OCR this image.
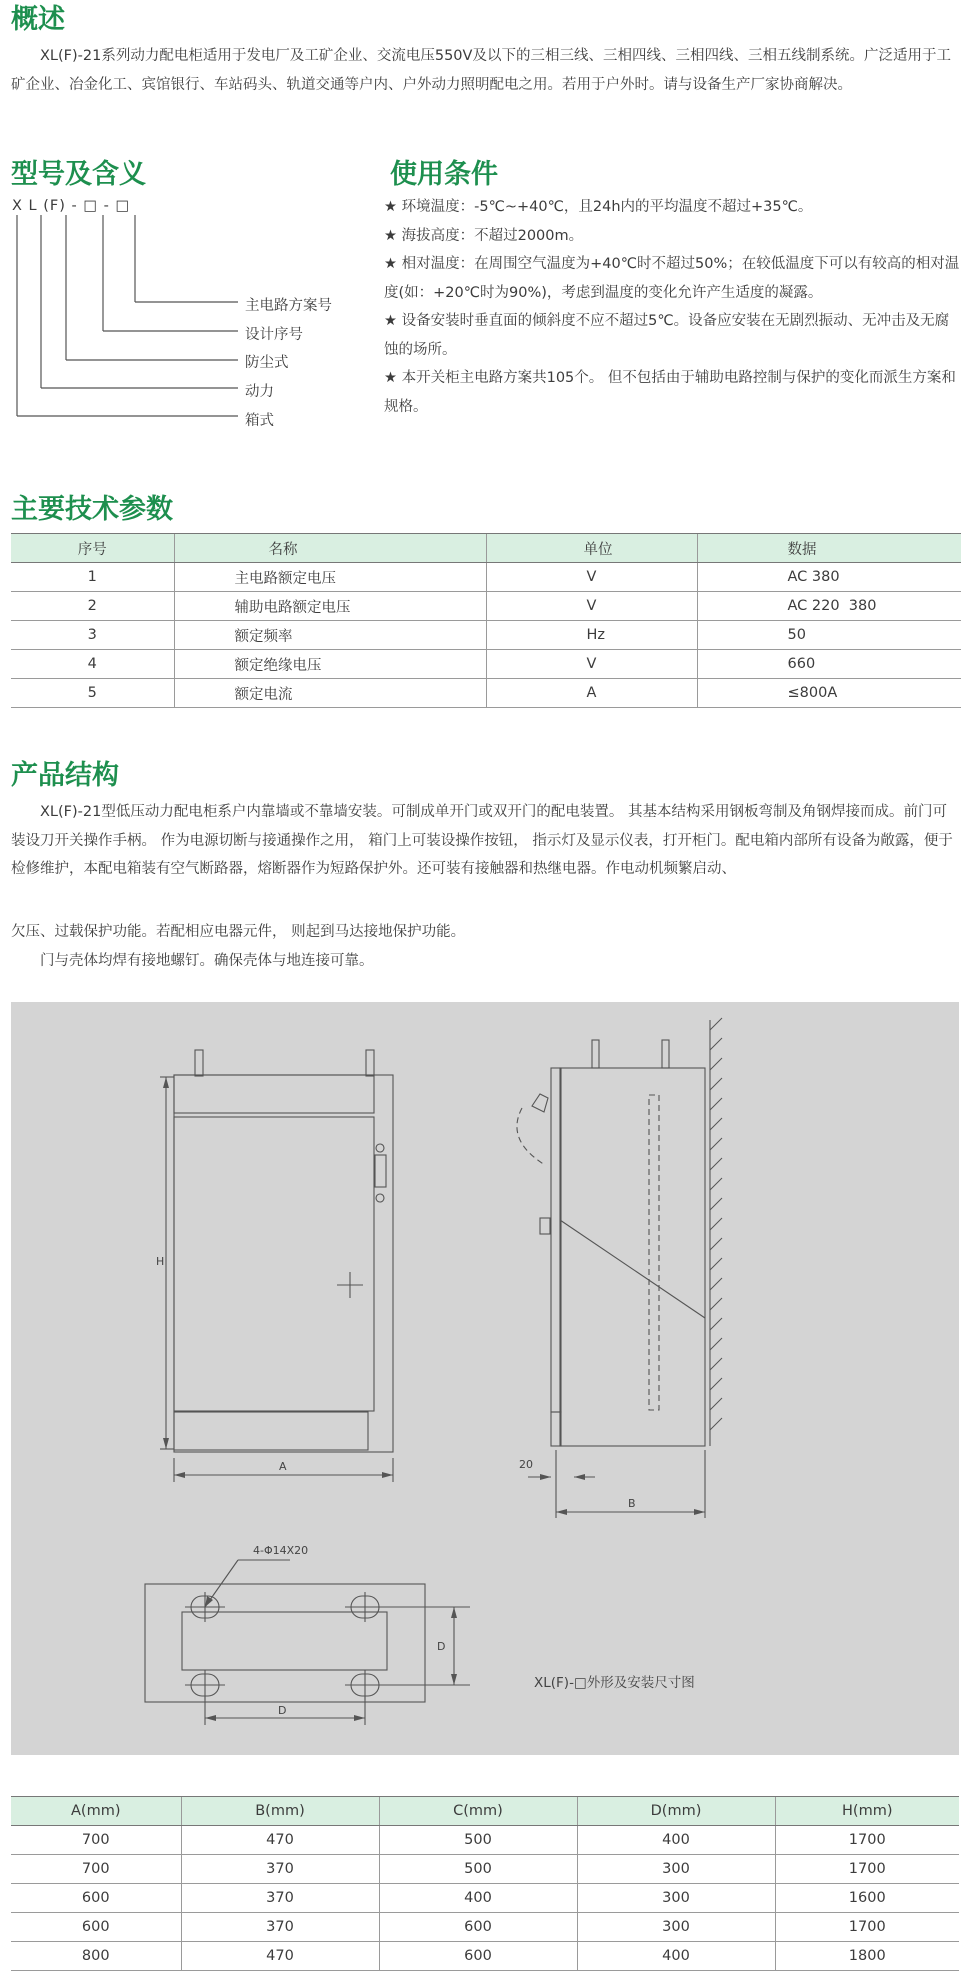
概述

XL(F)-21系列动力配电柜适用于发电厂及工矿企业、交流电压550V及以下的三相三线、三相四线、三相四线、三相五线制系统。广泛适用于工矿企业、冶金化工、宾馆银行、车站码头、轨道交通等户内、户外动力照明配电之用。若用于户外时。请与设备生产厂家协商解决。

型号及含义
X L (F) - □ - □
主电路方案号
设计序号
防尘式
动力
箱式
使用条件
★ 环境温度：-5℃~+40℃，且24h内的平均温度不超过+35℃。
★ 海拔高度：不超过2000m。
★ 相对温度：在周围空气温度为+40℃时不超过50%；在较低温度下可以有较高的相对温度(如：+20℃时为90%)，考虑到温度的变化允许产生适度的凝露。
★ 设备安装时垂直面的倾斜度不应不超过5℃。设备应安装在无剧烈振动、无冲击及无腐蚀的场所。
★ 本开关柜主电路方案共105个。 但不包括由于辅助电路控制与保护的变化而派生方案和规格。
主要技术参数
序号	名称	单位	数据
1	主电路额定电压	V	AC 380
2	辅助电路额定电压	V	AC 220  380
3	额定频率	Hz	50
4	额定绝缘电压	V	660
5	额定电流	A	≤800A
产品结构

XL(F)-21型低压动力配电柜系户内靠墙或不靠墙安装。可制成单开门或双开门的配电装置。 其基本结构采用钢板弯制及角钢焊接而成。前门可装设刀开关操作手柄。 作为电源切断与接通操作之用， 箱门上可装设操作按钮， 指示灯及显示仪表，打开柜门。配电箱内部所有设备为敞露，便于检修维护，本配电箱装有空气断路器，熔断器作为短路保护外。还可装有接触器和热继电器。作电动机频繁启动、

欠压、过载保护功能。若配相应电器元件， 则起到马达接地保护功能。

门与壳体均焊有接地螺钉。确保壳体与地连接可靠。

H
A
B
20
D
D
4-Φ14X20
XL(F)-□外形及安装尺寸图
A(mm)	B(mm)	C(mm)	D(mm)	H(mm)
700	470	500	400	1700
700	370	500	300	1700
600	370	400	300	1600
600	370	600	300	1700
800	470	600	400	1800
